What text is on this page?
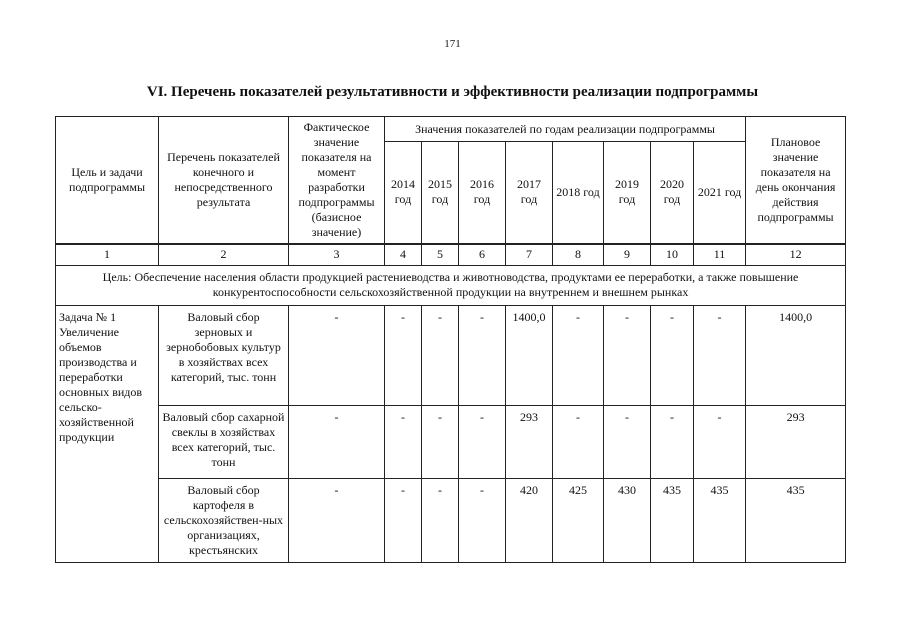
171
VI. Перечень показателей результативности и эффективности реализации подпрограммы
Цель и задачи подпрограммы	Перечень показателей конечного и непосредственного результата	Фактическое значение показателя на момент разработки подпрограммы (базисное значение)	Значения показателей по годам реализации подпрограммы								Плановое значение показателя на день окончания действия подпрограммы
			2014 год	2015 год	2016 год	2017 год	2018 год	2019 год	2020 год	2021 год	
1	2	3	4	5	6	7	8	9	10	11	12
Цель: Обеспечение населения области продукцией растениеводства и животноводства, продуктами ее переработки, а также повышение конкурентоспособности сельскохозяйственной продукции на внутреннем и внешнем рынках											
Задача № 1 Увеличение объемов производства и переработки основных видов сельско-хозяйственной продукции	Валовый сбор зерновых и зернобобовых культур в хозяйствах всех категорий, тыс. тонн	-	-	-	-	1400,0	-	-	-	-	1400,0
	Валовый сбор сахарной свеклы в хозяйствах всех категорий, тыс. тонн	-	-	-	-	293	-	-	-	-	293
	Валовый сбор картофеля в сельскохозяйствен-ных организациях, крестьянских	-	-	-	-	420	425	430	435	435	435
